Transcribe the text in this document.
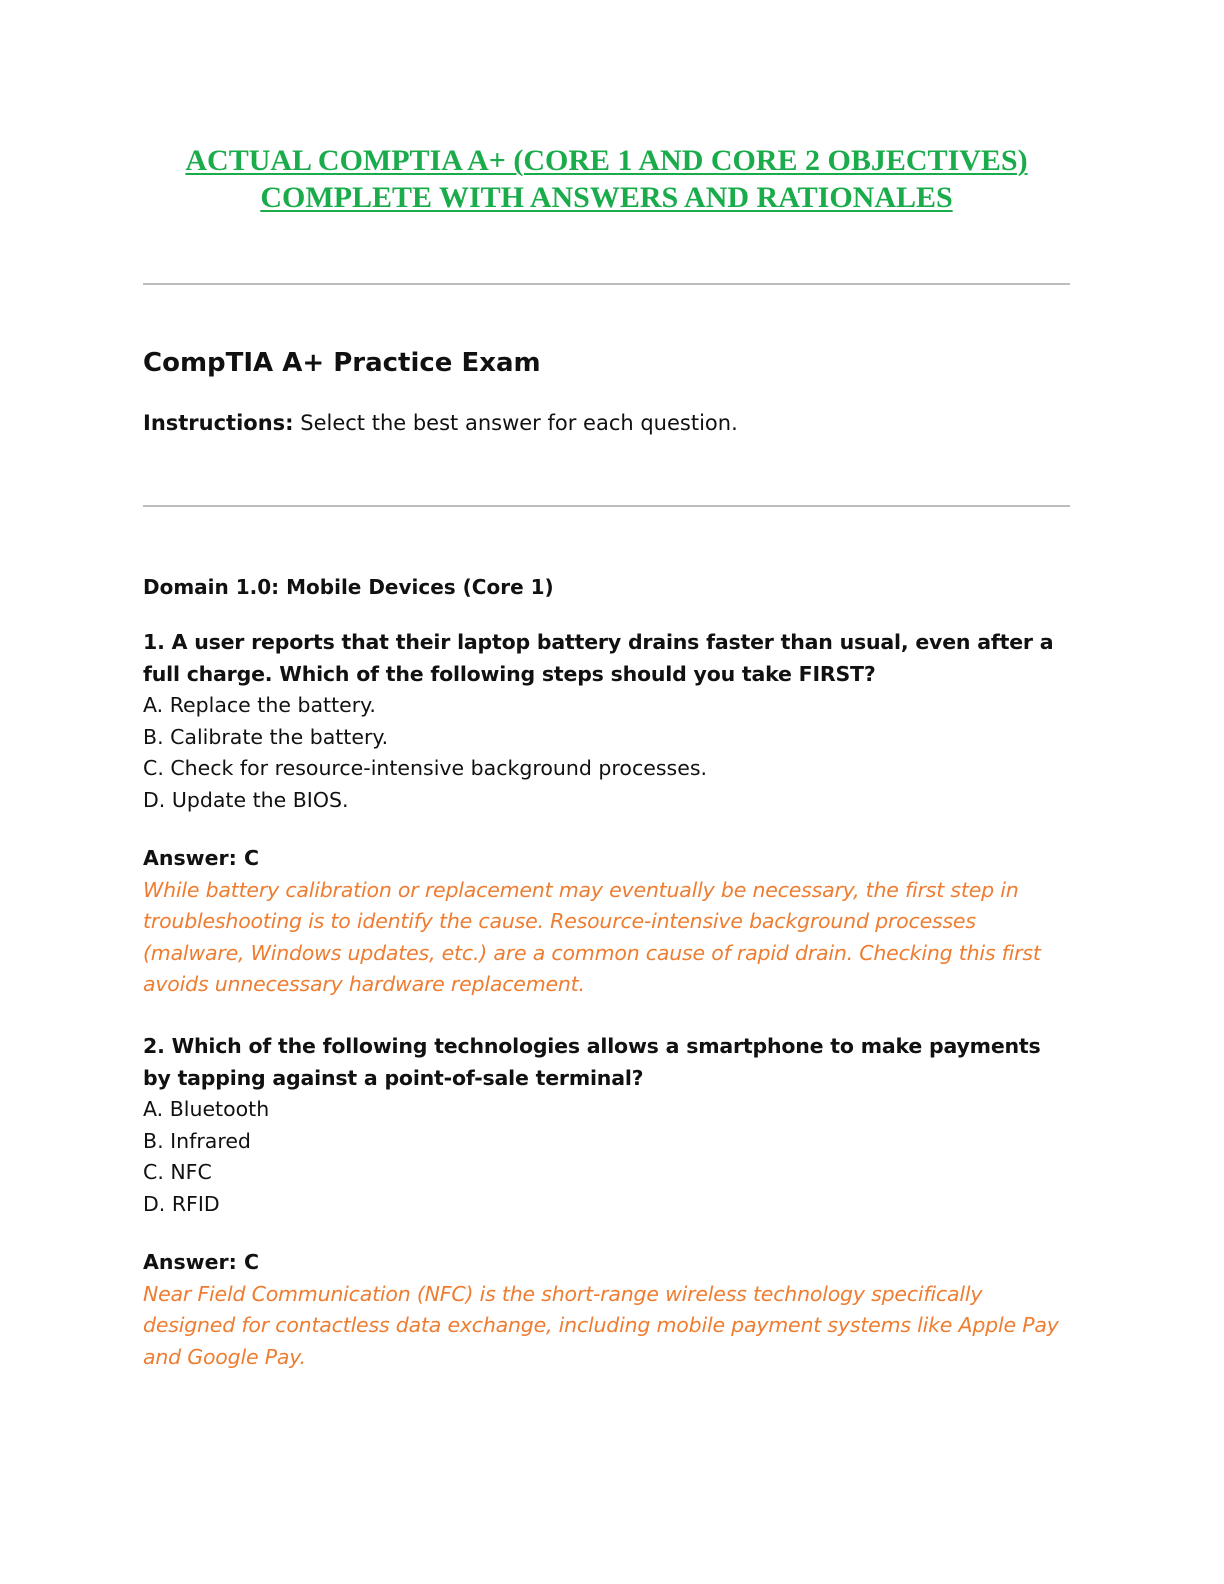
ACTUAL COMPTIA A+ (CORE 1 AND CORE 2 OBJECTIVES)
COMPLETE WITH ANSWERS AND RATIONALES
CompTIA A+ Practice Exam

Instructions: Select the best answer for each question.

Domain 1.0: Mobile Devices (Core 1)

1. A user reports that their laptop battery drains faster than usual, even after a full charge. Which of the following steps should you take FIRST?

A. Replace the battery.

B. Calibrate the battery.

C. Check for resource-intensive background processes.

D. Update the BIOS.

Answer: C

While battery calibration or replacement may eventually be necessary, the first step in troubleshooting is to identify the cause. Resource-intensive background processes (malware, Windows updates, etc.) are a common cause of rapid drain. Checking this first avoids unnecessary hardware replacement.

2. Which of the following technologies allows a smartphone to make payments by tapping against a point-of-sale terminal?

A. Bluetooth

B. Infrared

C. NFC

D. RFID

Answer: C

Near Field Communication (NFC) is the short-range wireless technology specifically designed for contactless data exchange, including mobile payment systems like Apple Pay and Google Pay.
